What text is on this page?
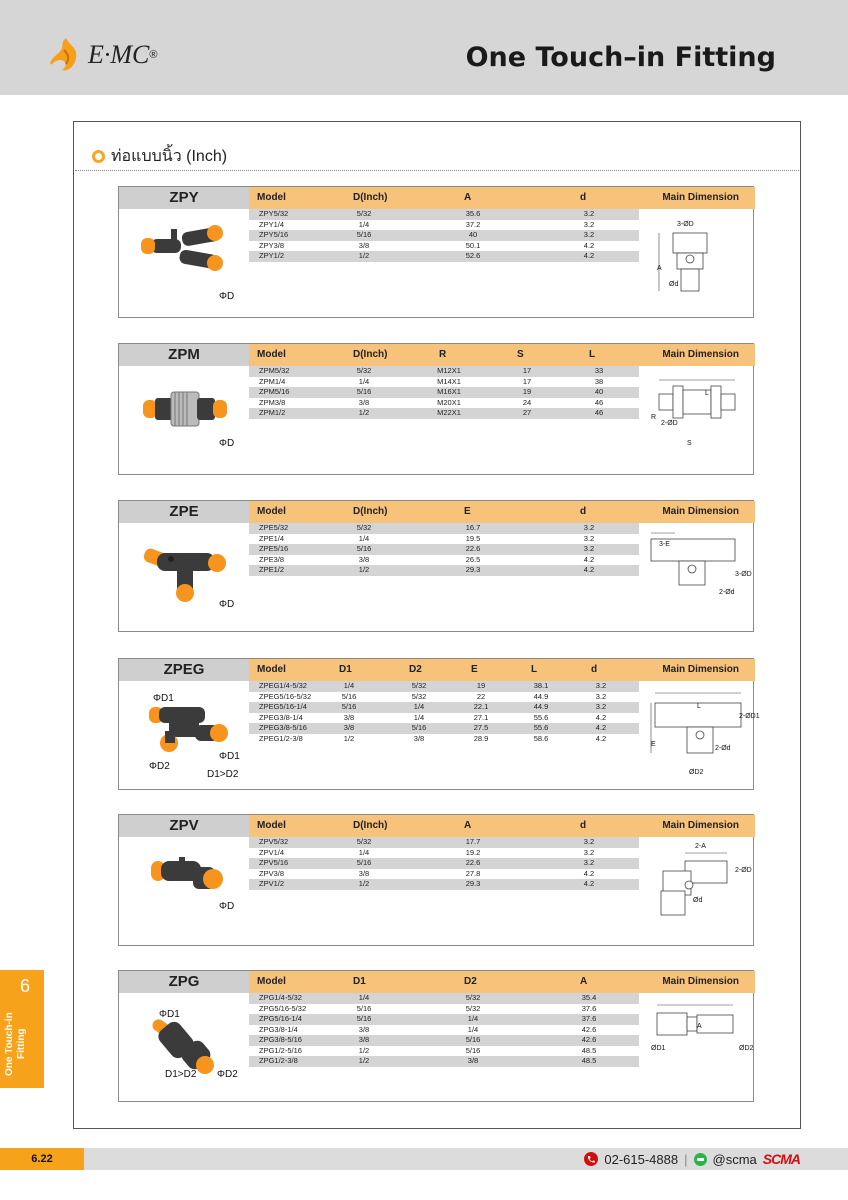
E·MC ®	One Touch–in Fitting
ท่อแบบนิ้ว (Inch)
ZPY	Model	D(Inch)	A	d	Main Dimension
ZPY5/32	5/32	35.6	3.2
ZPY1/4	1/4	37.2	3.2
ZPY5/16	5/16	40	3.2
ZPY3/8	3/8	50.1	4.2
ZPY1/2	1/2	52.6	4.2
ΦD
3-ØD
A
Ød
ZPM	Model	D(Inch)	R	S	L	Main Dimension
ZPM5/32	5/32	M12X1	17	33
ZPM1/4	1/4	M14X1	17	38
ZPM5/16	5/16	M16X1	19	40
ZPM3/8	3/8	M20X1	24	46
ZPM1/2	1/2	M22X1	27	46
ΦD
L
R
2-ØD
S
ZPE	Model	D(Inch)	E	d	Main Dimension
ZPE5/32	5/32	16.7	3.2
ZPE1/4	1/4	19.5	3.2
ZPE5/16	5/16	22.6	3.2
ZPE3/8	3/8	26.5	4.2
ZPE1/2	1/2	29.3	4.2
ΦD
3-E
3-ØD
2-Ød
ZPEG	Model	D1	D2	E	L	d	Main Dimension
ZPEG1/4-5/32	1/4	5/32	19	38.1	3.2
ZPEG5/16-5/32	5/16	5/32	22	44.9	3.2
ZPEG5/16-1/4	5/16	1/4	22.1	44.9	3.2
ZPEG3/8-1/4	3/8	1/4	27.1	55.6	4.2
ZPEG3/8-5/16	3/8	5/16	27.5	55.6	4.2
ZPEG1/2-3/8	1/2	3/8	28.9	58.6	4.2
ΦD1
ΦD1
ΦD2
D1>D2
L
2-ØD1
E
2-Ød
ØD2
ZPV	Model	D(Inch)	A	d	Main Dimension
ZPV5/32	5/32	17.7	3.2
ZPV1/4	1/4	19.2	3.2
ZPV5/16	5/16	22.6	3.2
ZPV3/8	3/8	27.8	4.2
ZPV1/2	1/2	29.3	4.2
ΦD
2-A
2-ØD
Ød
ZPG	Model	D1	D2	A	Main Dimension
ZPG1/4-5/32	1/4	5/32	35.4
ZPG5/16-5/32	5/16	5/32	37.6
ZPG5/16-1/4	5/16	1/4	37.6
ZPG3/8-1/4	3/8	1/4	42.6
ZPG3/8-5/16	3/8	5/16	42.6
ZPG1/2-5/16	1/2	5/16	48.5
ZPG1/2-3/8	1/2	3/8	48.5
ΦD1
D1>D2 ΦD2
A
ØD1	ØD2
6
One Touch-in Fitting
6.22	02-615-4888 | @scma SCMA
